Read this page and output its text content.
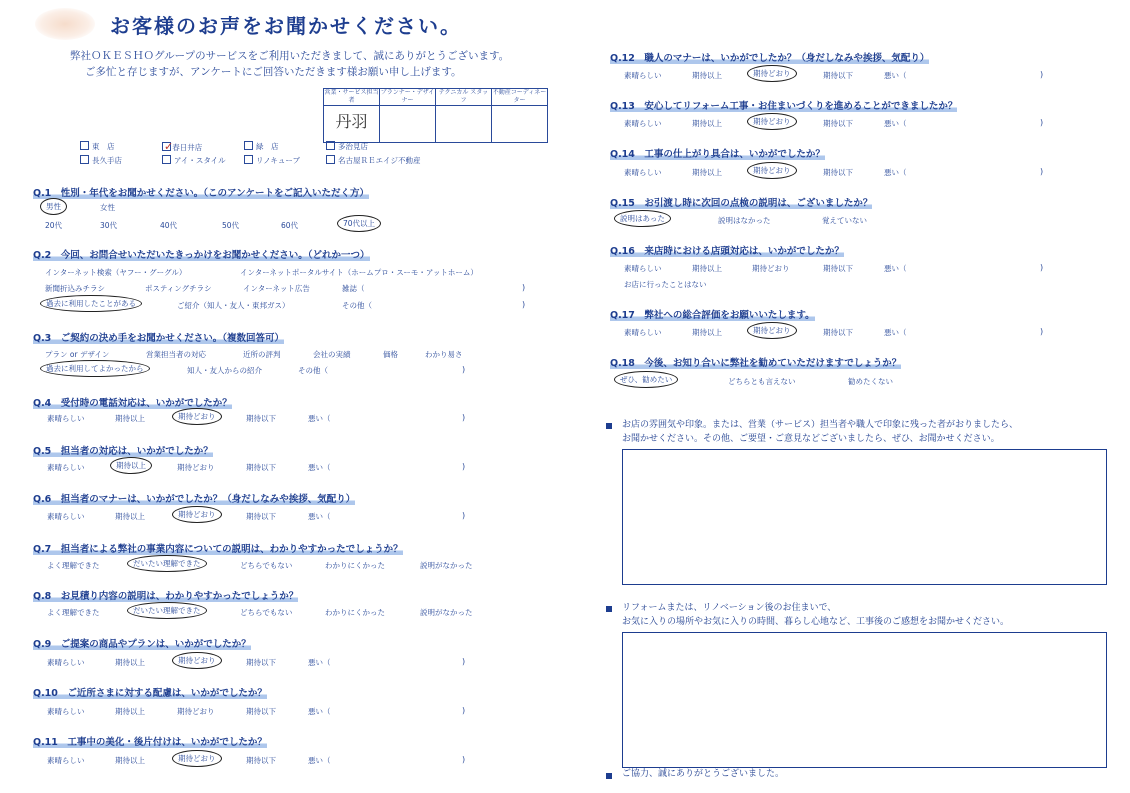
お客様のお声をお聞かせください。
弊社ＯＫＥＳＨＯグループのサービスをご利用いただきまして、誠にありがとうございます。
ご多忙と存じますが、アンケートにご回答いただきます様お願い申し上げます。
営業・サービス担当者	プランナー・デザイナー	テクニカル スタッフ	不動産コーディネーター
丹羽			
東　店	✓春日井店	緑　店	多治見店
長久手店	アイ・スタイル	リノキューブ	名古屋ＲＥエイジ不動産
Q.1　性別・年代をお聞かせください。（このアンケートをご記入いただく方）
男性	女性
20代	30代	40代	50代	60代	70代以上
Q.2　今回、お問合せいただいたきっかけをお聞かせください。（どれか一つ）
インターネット検索（ヤフー・グーグル）	インターネットポータルサイト（ホームプロ・スーモ・アットホーム）
新聞折込みチラシ	ポスティングチラシ	インターネット広告	雑誌（	)
過去に利用したことがある	ご紹介（知人・友人・東邦ガス）	その他（	)
Q.3　ご契約の決め手をお聞かせください。（複数回答可）
プラン or デザイン	営業担当者の対応	近所の評判	会社の実績	価格	わかり易さ
過去に利用してよかったから	知人・友人からの紹介	その他（	)
Q.4　受付時の電話対応は、いかがでしたか？
素晴らしい	期待以上	期待どおり	期待以下	悪い（	)
Q.5　担当者の対応は、いかがでしたか？
素晴らしい	期待以上	期待どおり	期待以下	悪い（	)
Q.6　担当者のマナーは、いかがでしたか？（身だしなみや挨拶、気配り）
素晴らしい	期待以上	期待どおり	期待以下	悪い（	)
Q.7　担当者による弊社の事業内容についての説明は、わかりやすかったでしょうか？
よく理解できた	だいたい理解できた	どちらでもない	わかりにくかった	説明がなかった
Q.8　お見積り内容の説明は、わかりやすかったでしょうか？
よく理解できた	だいたい理解できた	どちらでもない	わかりにくかった	説明がなかった
Q.9　ご提案の商品やプランは、いかがでしたか？
素晴らしい	期待以上	期待どおり	期待以下	悪い（	)
Q.10　ご近所さまに対する配慮は、いかがでしたか？
素晴らしい	期待以上	期待どおり	期待以下	悪い（	)
Q.11　工事中の美化・後片付けは、いかがでしたか？
素晴らしい	期待以上	期待どおり	期待以下	悪い（	)
Q.12　職人のマナーは、いかがでしたか？（身だしなみや挨拶、気配り）
素晴らしい	期待以上	期待どおり	期待以下	悪い（	)
Q.13　安心してリフォーム工事・お住まいづくりを進めることができましたか？
素晴らしい	期待以上	期待どおり	期待以下	悪い（	)
Q.14　工事の仕上がり具合は、いかがでしたか？
素晴らしい	期待以上	期待どおり	期待以下	悪い（	)
Q.15　お引渡し時に次回の点検の説明は、ございましたか？
説明はあった	説明はなかった	覚えていない
Q.16　来店時における店頭対応は、いかがでしたか？
素晴らしい	期待以上	期待どおり	期待以下	悪い（	)
お店に行ったことはない
Q.17　弊社への総合評価をお願いいたします。
素晴らしい	期待以上	期待どおり	期待以下	悪い（	)
Q.18　今後、お知り合いに弊社を勧めていただけますでしょうか？
ぜひ、勧めたい	どちらとも言えない	勧めたくない
お店の雰囲気や印象。または、営業（サービス）担当者や職人で印象に残った者がおりましたら、
お聞かせください。その他、ご要望・ご意見などございましたら、ぜひ、お聞かせください。
リフォームまたは、リノベーション後のお住まいで、
お気に入りの場所やお気に入りの時間、暮らし心地など、工事後のご感想をお聞かせください。
ご協力、誠にありがとうございました。
